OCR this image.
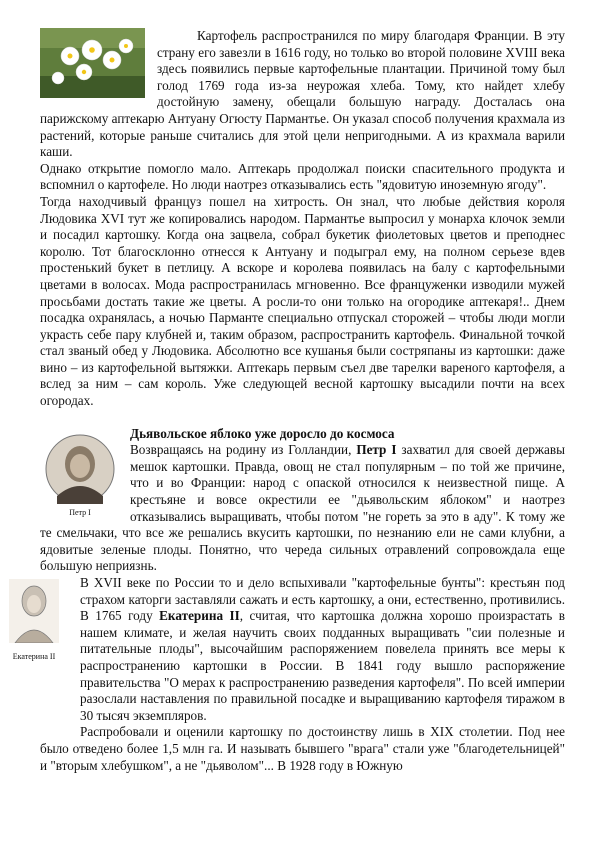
Картофель распространился по миру благодаря Франции. В эту страну его завезли в 1616 году, но только во второй половине XVIII века здесь появились первые картофельные плантации. Причиной тому был голод 1769 года из-за неурожая хлеба. Тому, кто найдет хлебу достойную замену, обещали большую награду. Досталась она парижскому аптекарю Антуану Огюсту Пармантье. Он указал способ получения крахмала из растений, которые раньше считались для этой цели непригодными. А из крахмала варили каши.

Однако открытие помогло мало. Аптекарь продолжал поиски спасительного продукта и вспомнил о картофеле. Но люди наотрез отказывались есть "ядовитую иноземную ягоду".

Тогда находчивый француз пошел на хитрость. Он знал, что любые действия короля Людовика XVI тут же копировались народом. Пармантье выпросил у монарха клочок земли и посадил картошку. Когда она зацвела, собрал букетик фиолетовых цветов и преподнес королю. Тот благосклонно отнесся к Антуану и подыграл ему, на полном серьезе вдев простенький букет в петлицу. А вскоре и королева появилась на балу с картофельными цветами в волосах. Мода распространилась мгновенно. Все француженки изводили мужей просьбами достать такие же цветы. А росли-то они только на огородике аптекаря!.. Днем посадка охранялась, а ночью Парманте специально отпускал сторожей – чтобы люди могли украсть себе пару клубней и, таким образом, распространить картофель. Финальной точкой стал званый обед у Людовика. Абсолютно все кушанья были состряпаны из картошки: даже вино – из картофельной вытяжки. Аптекарь первым съел две тарелки вареного картофеля, а вслед за ним – сам король. Уже следующей весной картошку высадили почти на всех огородах.

Петр I

Дьявольское яблоко уже доросло до космоса

Возвращаясь на родину из Голландии, Петр I захватил для своей державы мешок картошки. Правда, овощ не стал популярным – по той же причине, что и во Франции: народ с опаской относился к неизвестной пище. А крестьяне и вовсе окрестили ее "дьявольским яблоком" и наотрез отказывались выращивать, чтобы потом "не гореть за это в аду". К тому же те смельчаки, что все же решались вкусить картошки, по незнанию ели не сами клубни, а ядовитые зеленые плоды. Понятно, что череда сильных отравлений сопровождала еще большую неприязнь.

Екатерина II

В XVII веке по России то и дело вспыхивали "картофельные бунты": крестьян под страхом каторги заставляли сажать и есть картошку, а они, естественно, противились. В 1765 году Екатерина II, считая, что картошка должна хорошо произрастать в нашем климате, и желая научить своих подданных выращивать "сии полезные и питательные плоды", высочайшим распоряжением повелела принять все меры к распространению картошки в России. В 1841 году вышло распоряжение правительства "О мерах к распространению разведения картофеля". По всей империи разослали наставления по правильной посадке и выращиванию картофеля тиражом в 30 тысяч экземпляров.

Распробовали и оценили картошку по достоинству лишь в XIX столетии. Под нее было отведено более 1,5 млн га. И называть бывшего "врага" стали уже "благодетельницей" и "вторым хлебушком", а не "дьяволом"... В 1928 году в Южную
